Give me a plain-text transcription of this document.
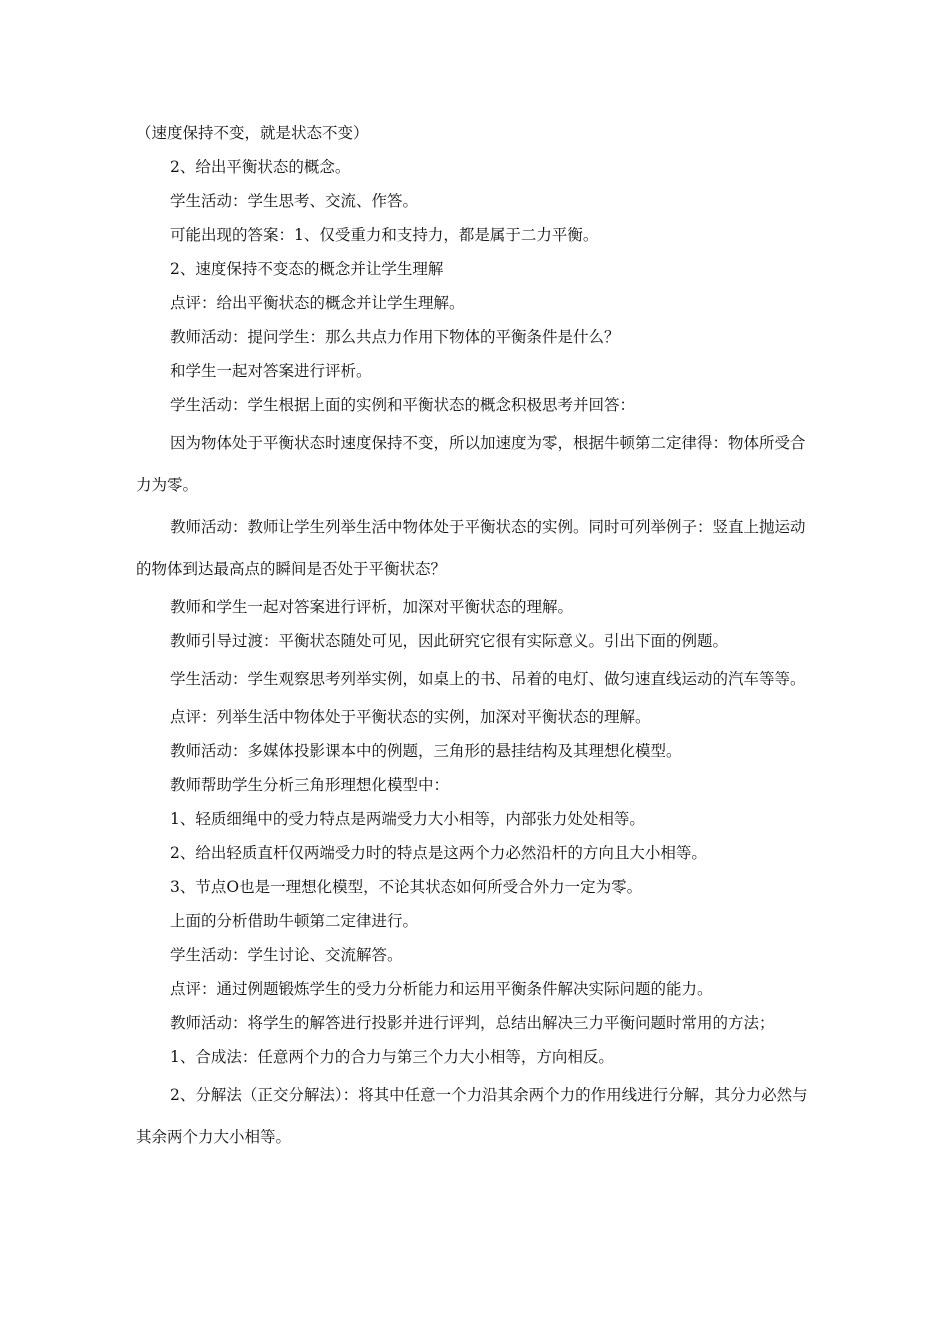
（速度保持不变，就是状态不变）

2、给出平衡状态的概念。

学生活动：学生思考、交流、作答。

可能出现的答案：1、仅受重力和支持力，都是属于二力平衡。

2、速度保持不变态的概念并让学生理解

点评：给出平衡状态的概念并让学生理解。

教师活动：提问学生：那么共点力作用下物体的平衡条件是什么？

和学生一起对答案进行评析。

学生活动：学生根据上面的实例和平衡状态的概念积极思考并回答：

因为物体处于平衡状态时速度保持不变，所以加速度为零，根据牛顿第二定律得：物体所受合力为零。

教师活动：教师让学生列举生活中物体处于平衡状态的实例。同时可列举例子：竖直上抛运动的物体到达最高点的瞬间是否处于平衡状态？

教师和学生一起对答案进行评析，加深对平衡状态的理解。

教师引导过渡：平衡状态随处可见，因此研究它很有实际意义。引出下面的例题。

学生活动：学生观察思考列举实例，如桌上的书、吊着的电灯、做匀速直线运动的汽车等等。

点评：列举生活中物体处于平衡状态的实例，加深对平衡状态的理解。

教师活动：多媒体投影课本中的例题，三角形的悬挂结构及其理想化模型。

教师帮助学生分析三角形理想化模型中：

1、轻质细绳中的受力特点是两端受力大小相等，内部张力处处相等。

2、给出轻质直杆仅两端受力时的特点是这两个力必然沿杆的方向且大小相等。

3、节点O也是一理想化模型，不论其状态如何所受合外力一定为零。

上面的分析借助牛顿第二定律进行。

学生活动：学生讨论、交流解答。

点评：通过例题锻炼学生的受力分析能力和运用平衡条件解决实际问题的能力。

教师活动：将学生的解答进行投影并进行评判，总结出解决三力平衡问题时常用的方法；

1、合成法：任意两个力的合力与第三个力大小相等，方向相反。

2、分解法（正交分解法）：将其中任意一个力沿其余两个力的作用线进行分解，其分力必然与其余两个力大小相等。
